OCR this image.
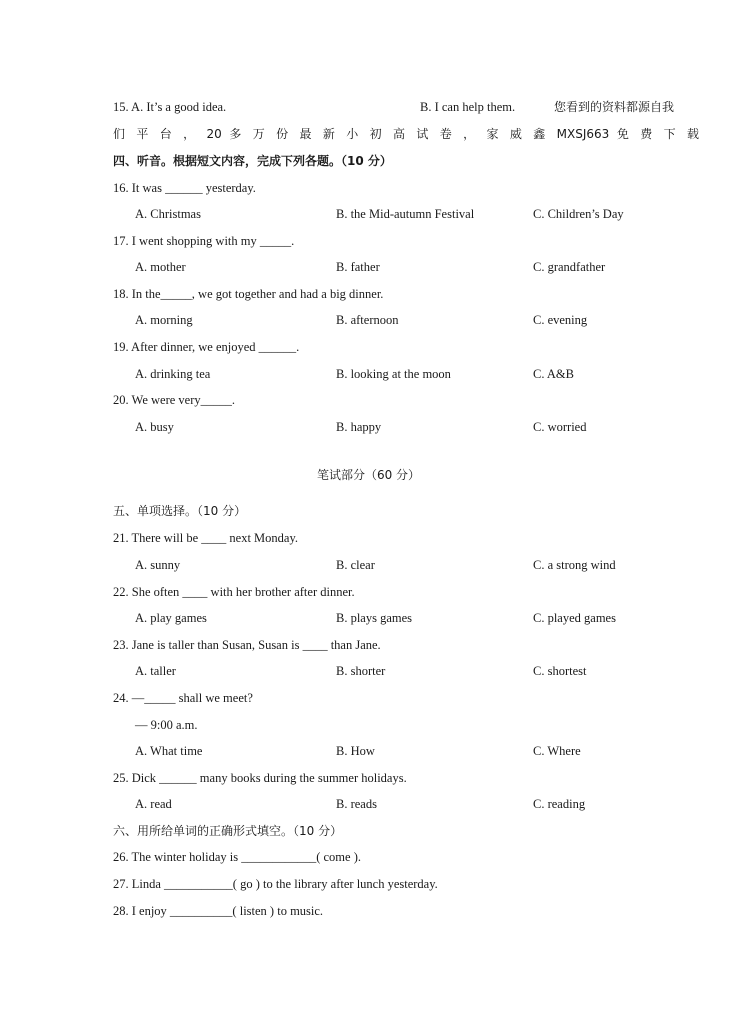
15. A. It’s a good idea.	B. I can help them.	您看到的资料都源自我
们 平 台 ， 20 多 万 份 最 新 小 初 高 试 卷 ， 家 威 鑫 MXSJ663 免 费 下 载
四、听音。根据短文内容，完成下列各题。（10 分）
16. It was ______ yesterday.
A. Christmas	B. the Mid-autumn Festival	C. Children’s Day
17. I went shopping with my _____.
A. mother	B. father	C. grandfather
18. In the_____, we got together and had a big dinner.
A. morning	B. afternoon	C. evening
19. After dinner, we enjoyed ______.
A. drinking tea	B. looking at the moon	C. A&B
20. We were very_____.
A. busy	B. happy	C. worried
笔试部分（60 分）
五、单项选择。（10 分）
21. There will be ____ next Monday.
A. sunny	B. clear	C. a strong wind
22. She often ____ with her brother after dinner.
A. play games	B. plays games	C. played games
23. Jane is taller than Susan, Susan is ____ than Jane.
A. taller	B. shorter	C. shortest
24. —_____ shall we meet?
— 9:00 a.m.
A. What time	B. How	C. Where
25. Dick ______ many books during the summer holidays.
A. read	B. reads	C. reading
六、用所给单词的正确形式填空。（10 分）
26. The winter holiday is ____________( come ).
27. Linda ___________( go ) to the library after lunch yesterday.
28. I enjoy __________( listen ) to music.
